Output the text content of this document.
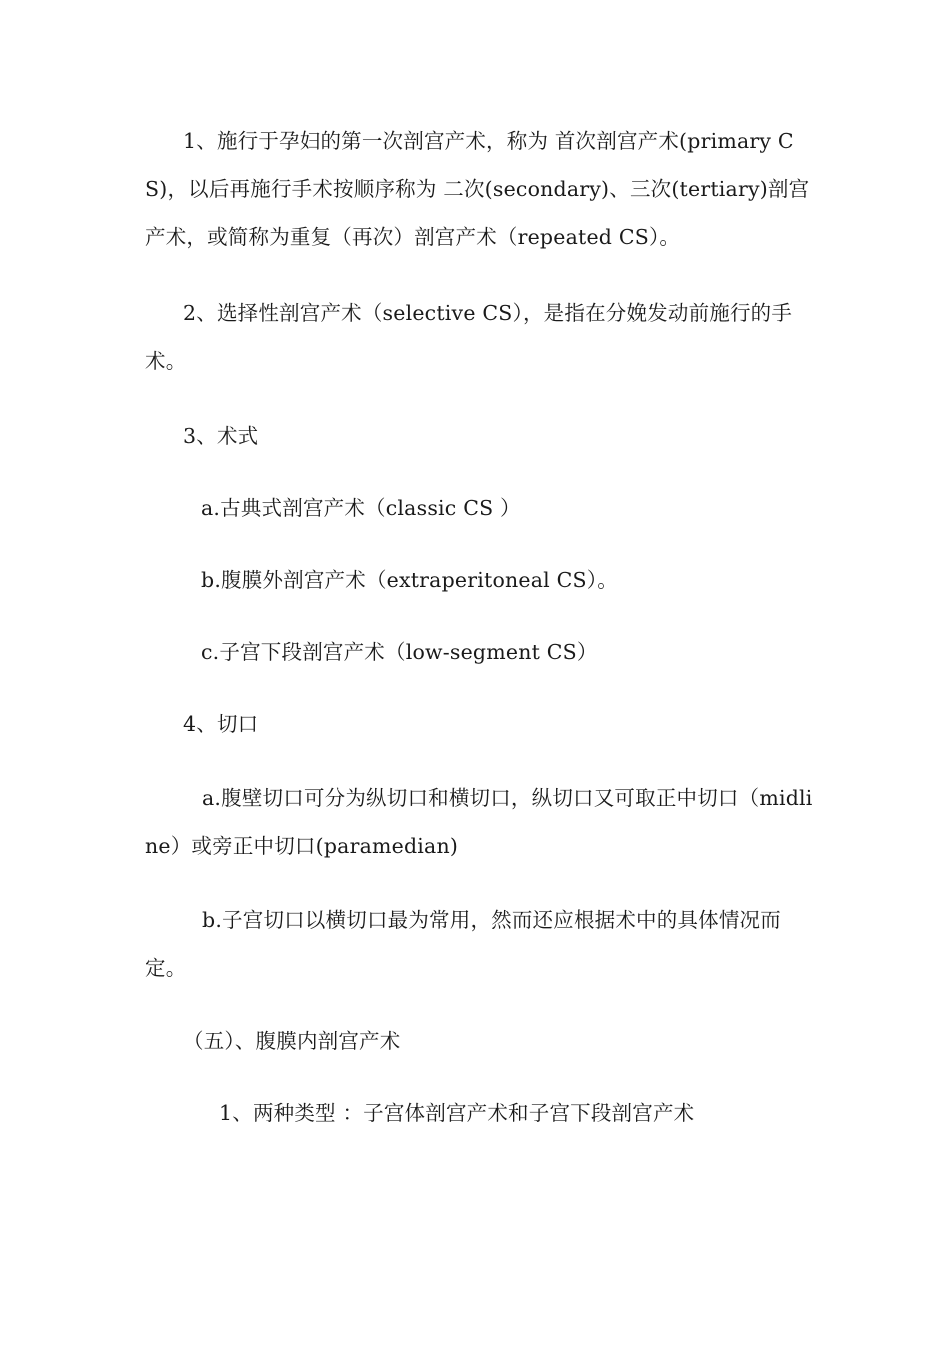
1、施行于孕妇的第一次剖宫产术，称为 首次剖宫产术(primary CS)，以后再施行手术按顺序称为 二次(secondary)、三次(tertiary)剖宫产术，或简称为重复（再次）剖宫产术（repeated CS）。

2、选择性剖宫产术（selective CS），是指在分娩发动前施行的手术。

3、术式

a.古典式剖宫产术（classic CS ）

b.腹膜外剖宫产术（extraperitoneal CS）。

c.子宫下段剖宫产术（low-segment CS）

4、切口

a.腹壁切口可分为纵切口和横切口，纵切口又可取正中切口（midline）或旁正中切口(paramedian)

b.子宫切口以横切口最为常用，然而还应根据术中的具体情况而定。

（五）、腹膜内剖宫产术

1、两种类型 ：子宫体剖宫产术和子宫下段剖宫产术
